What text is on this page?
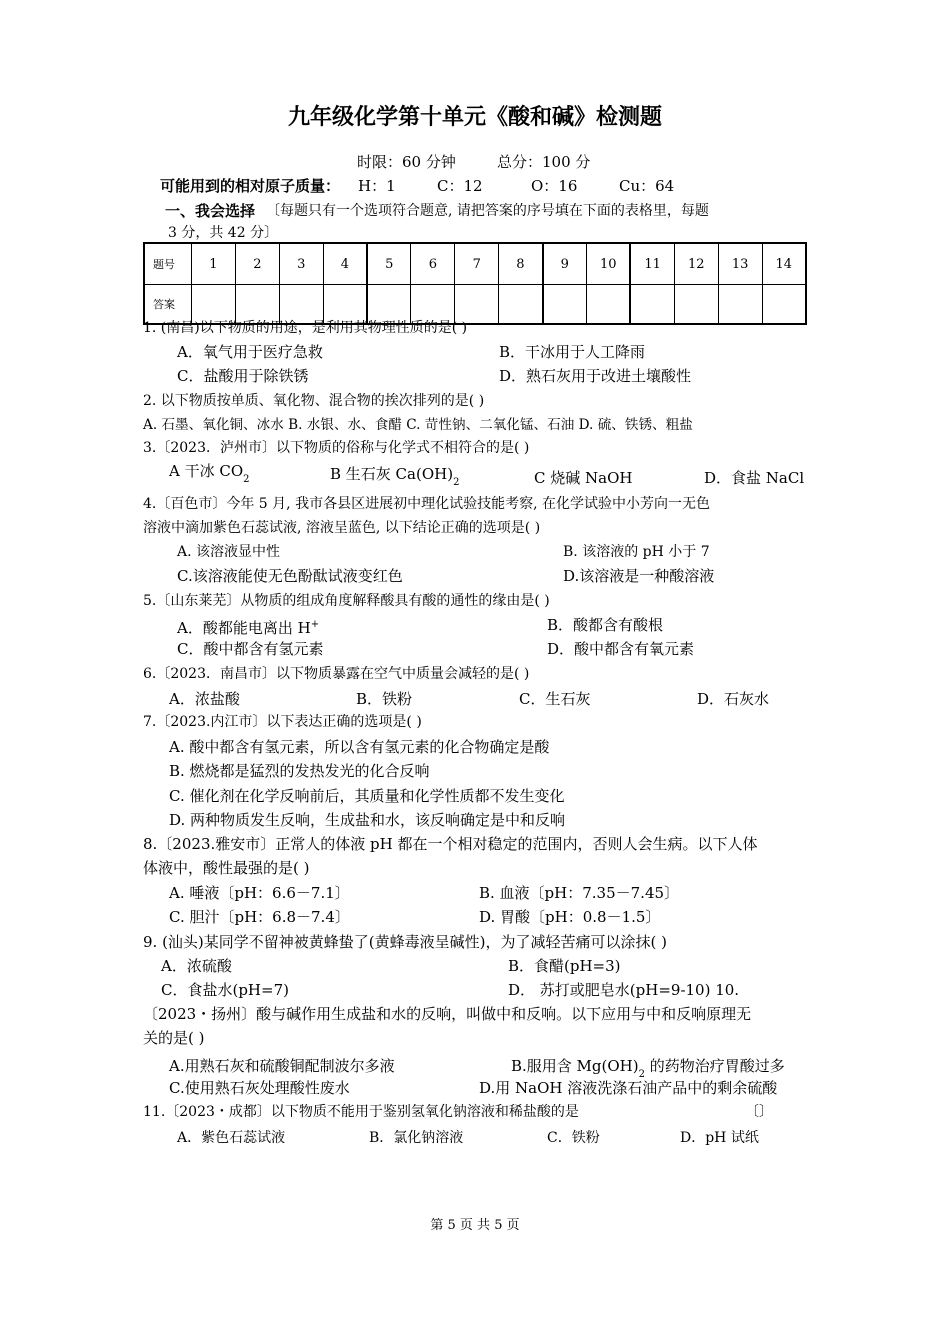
九年级化学第十单元《酸和碱》检测题
时限：60 分钟	总分：100 分
可能用到的相对原子质量： H：1	C：12	O：16	Cu：64
一、我会选择 〔每题只有一个选项符合题意, 请把答案的序号填在下面的表格里，每题
3 分，共 42 分〕
题号	1	2	3	4	5	6	7	8	9	10	11	12	13	14
答案														
1. (南昌)以下物质的用途，是利用其物理性质的是( )
A．氧气用于医疗急救	B．干冰用于人工降雨
C．盐酸用于除铁锈	D．熟石灰用于改进土壤酸性
2. 以下物质按单质、氧化物、混合物的挨次排列的是( )
A. 石墨、氧化铜、冰水 B. 水银、水、食醋 C. 苛性钠、二氧化锰、石油 D. 硫、铁锈、粗盐
3.〔2023．泸州市〕以下物质的俗称与化学式不相符合的是( )
A 干冰 $CO_2$	B 生石灰 $Ca(OH)_2$	C 烧碱 NaOH	D．食盐 NaCl
4.〔百色市〕今年 5 月, 我市各县区进展初中理化试验技能考察, 在化学试验中小芳向一无色
溶液中滴加紫色石蕊试液, 溶液呈蓝色, 以下结论正确的选项是( )
A. 该溶液显中性	B. 该溶液的 pH 小于 7
C.该溶液能使无色酚酞试液变红色	D.该溶液是一种酸溶液
5.〔山东莱芜〕从物质的组成角度解释酸具有酸的通性的缘由是( )
A．酸都能电离出 H+	B．酸都含有酸根
C．酸中都含有氢元素	D．酸中都含有氧元素
6.〔2023．南昌市〕以下物质暴露在空气中质量会减轻的是( )
A．浓盐酸	B．铁粉	C．生石灰	D．石灰水
7.〔2023.内江市〕以下表达正确的选项是( )
A. 酸中都含有氢元素，所以含有氢元素的化合物确定是酸
B. 燃烧都是猛烈的发热发光的化合反响
C. 催化剂在化学反响前后，其质量和化学性质都不发生变化
D. 两种物质发生反响，生成盐和水，该反响确定是中和反响
8.〔2023.雅安市〕正常人的体液 pH 都在一个相对稳定的范围内，否则人会生病。以下人体
体液中，酸性最强的是( )
A. 唾液〔pH：6.6－7.1〕	B. 血液〔pH：7.35－7.45〕
C. 胆汁〔pH：6.8－7.4〕	D. 胃酸〔pH：0.8－1.5〕
9. (汕头)某同学不留神被黄蜂蛰了(黄蜂毒液呈碱性)，为了减轻苦痛可以涂抹( )
A．浓硫酸	B．食醋(pH=3)
C．食盐水(pH=7)	D． 苏打或肥皂水(pH=9-10) 10.
〔2023・扬州〕酸与碱作用生成盐和水的反响，叫做中和反响。以下应用与中和反响原理无
关的是( )
A.用熟石灰和硫酸铜配制波尔多液	B.服用含 $Mg(OH)_2$ 的药物治疗胃酸过多
C.使用熟石灰处理酸性废水	D.用 NaOH 溶液洗涤石油产品中的剩余硫酸
11.〔2023・成都〕以下物质不能用于鉴别氢氧化钠溶液和稀盐酸的是	〔〕
A．紫色石蕊试液	B．氯化钠溶液	C．铁粉	D．pH 试纸
第 5 页 共 5 页
